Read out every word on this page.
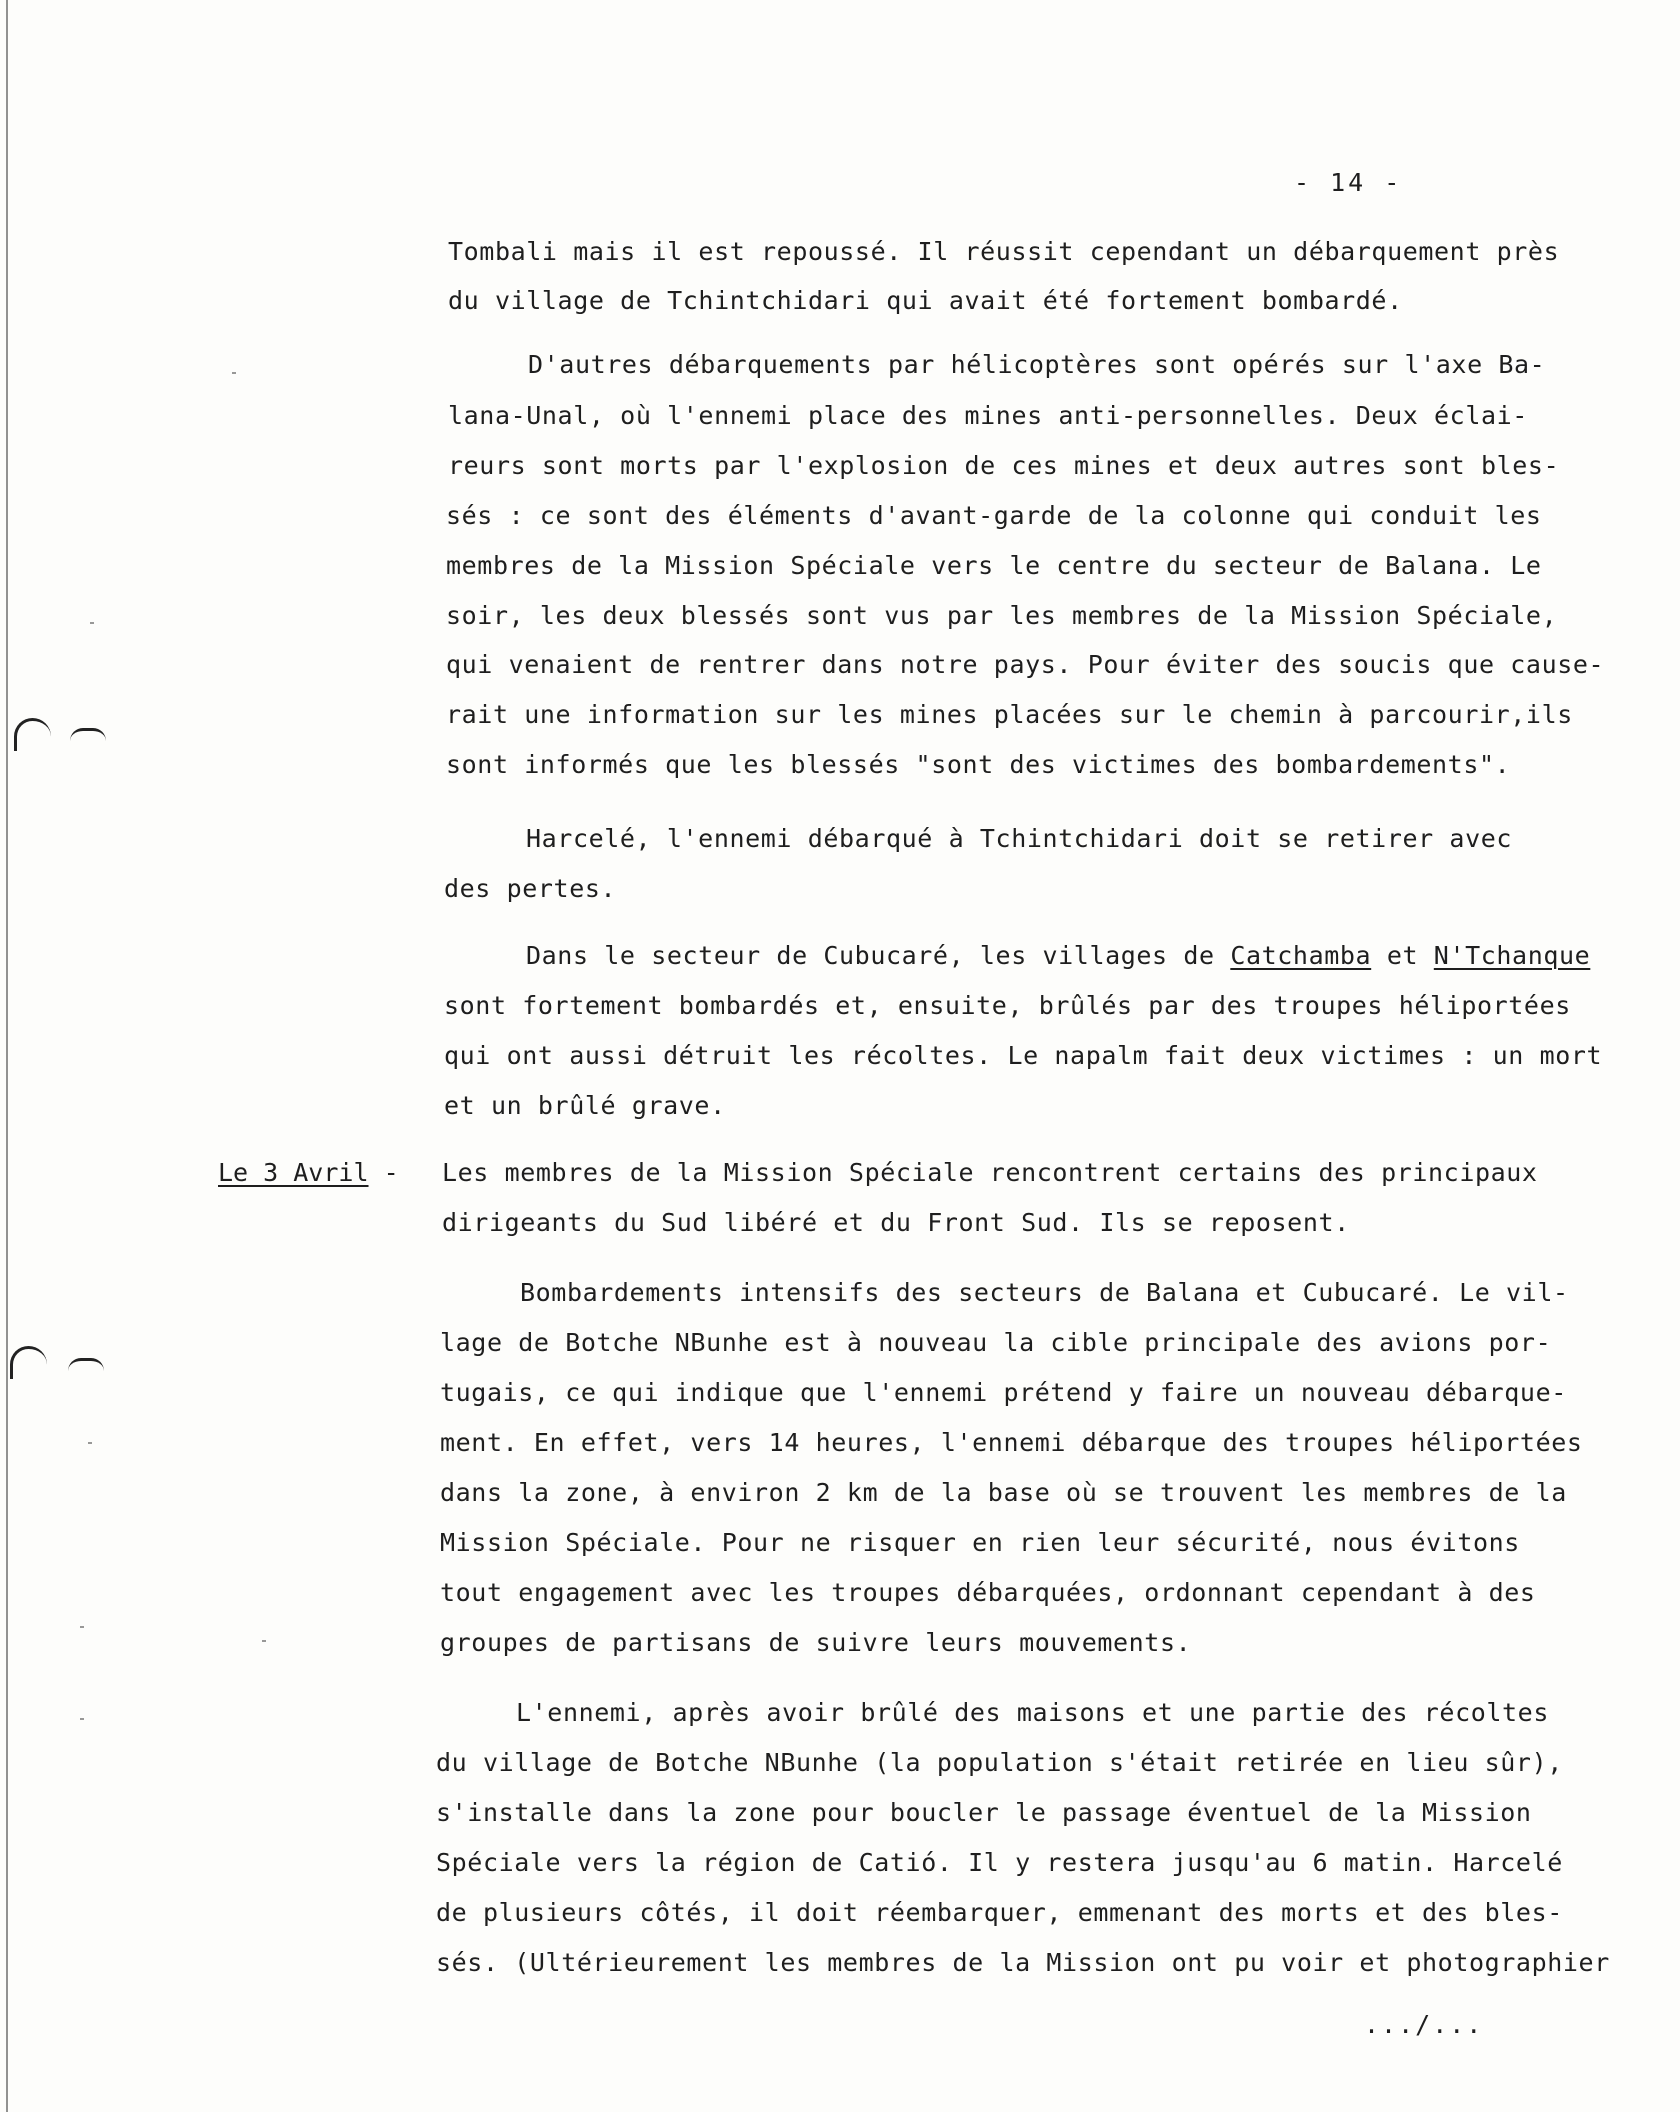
- 14 -
Tombali mais il est repoussé. Il réussit cependant un débarquement près
du village de Tchintchidari qui avait été fortement bombardé.
D'autres débarquements par hélicoptères sont opérés sur l'axe Ba-
lana-Unal, où l'ennemi place des mines anti-personnelles. Deux éclai-
reurs sont morts par l'explosion de ces mines et deux autres sont bles-
sés : ce sont des éléments d'avant-garde de la colonne qui conduit les
membres de la Mission Spéciale vers le centre du secteur de Balana. Le
soir, les deux blessés sont vus par les membres de la Mission Spéciale,
qui venaient de rentrer dans notre pays. Pour éviter des soucis que cause-
rait une information sur les mines placées sur le chemin à parcourir,ils
sont informés que les blessés "sont des victimes des bombardements".
Harcelé, l'ennemi débarqué à Tchintchidari doit se retirer avec
des pertes.
Dans le secteur de Cubucaré, les villages de Catchamba et N'Tchanque
sont fortement bombardés et, ensuite, brûlés par des troupes héliportées
qui ont aussi détruit les récoltes. Le napalm fait deux victimes : un mort
et un brûlé grave.
Le 3 Avril - Les membres de la Mission Spéciale rencontrent certains des principaux
dirigeants du Sud libéré et du Front Sud. Ils se reposent.
Bombardements intensifs des secteurs de Balana et Cubucaré. Le vil-
lage de Botche NBunhe est à nouveau la cible principale des avions por-
tugais, ce qui indique que l'ennemi prétend y faire un nouveau débarque-
ment. En effet, vers 14 heures, l'ennemi débarque des troupes héliportées
dans la zone, à environ 2 km de la base où se trouvent les membres de la
Mission Spéciale. Pour ne risquer en rien leur sécurité, nous évitons
tout engagement avec les troupes débarquées, ordonnant cependant à des
groupes de partisans de suivre leurs mouvements.
L'ennemi, après avoir brûlé des maisons et une partie des récoltes
du village de Botche NBunhe (la population s'était retirée en lieu sûr),
s'installe dans la zone pour boucler le passage éventuel de la Mission
Spéciale vers la région de Catió. Il y restera jusqu'au 6 matin. Harcelé
de plusieurs côtés, il doit réembarquer, emmenant des morts et des bles-
sés. (Ultérieurement les membres de la Mission ont pu voir et photographier
.../...
